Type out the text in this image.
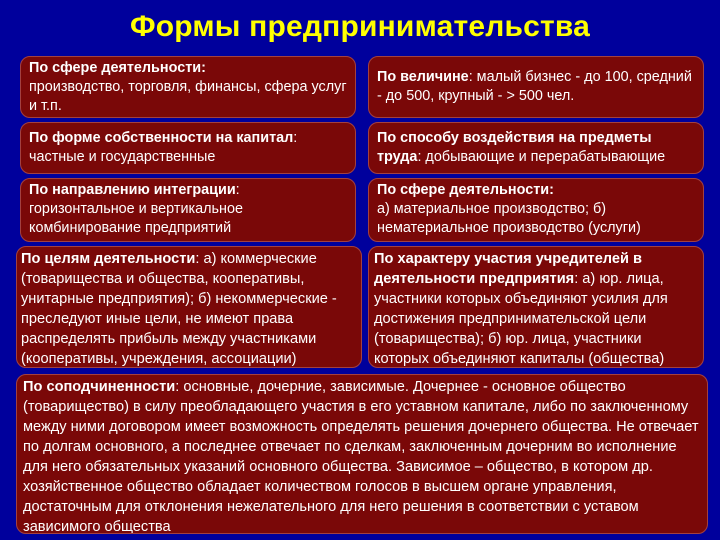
Формы предпринимательства
По сфере деятельности:
производство, торговля, финансы, сфера услуг и т.п.
По величине: малый бизнес - до 100, средний - до 500, крупный - > 500 чел.
По форме собственности на капитал: частные и государственные
По способу воздействия на предметы труда: добывающие и перерабатывающие
По направлению интеграции: горизонтальное и вертикальное комбинирование предприятий
По сфере деятельности:
а) материальное производство; б) нематериальное производство (услуги)
По целям деятельности: а) коммерческие (товарищества и общества, кооперативы, унитарные предприятия); б) некоммерческие - преследуют иные цели, не имеют права распределять прибыль между участниками (кооперативы, учреждения, ассоциации)
По характеру участия учредителей в деятельности предприятия: а) юр. лица, участники которых объединяют усилия для достижения предпринимательской цели (товарищества); б) юр. лица, участники которых объединяют капиталы (общества)
По соподчиненности: основные, дочерние, зависимые. Дочернее - основное общество (товарищество) в силу преобладающего участия в его уставном капитале, либо по заключенному между ними договором имеет возможность определять решения дочернего общества. Не отвечает по долгам основного, а последнее отвечает по сделкам, заключенным дочерним во исполнение для него обязательных указаний основного общества. Зависимое – общество, в котором др. хозяйственное общество обладает количеством голосов в высшем органе управления, достаточным для отклонения нежелательного для него решения в соответствии с уставом зависимого общества
